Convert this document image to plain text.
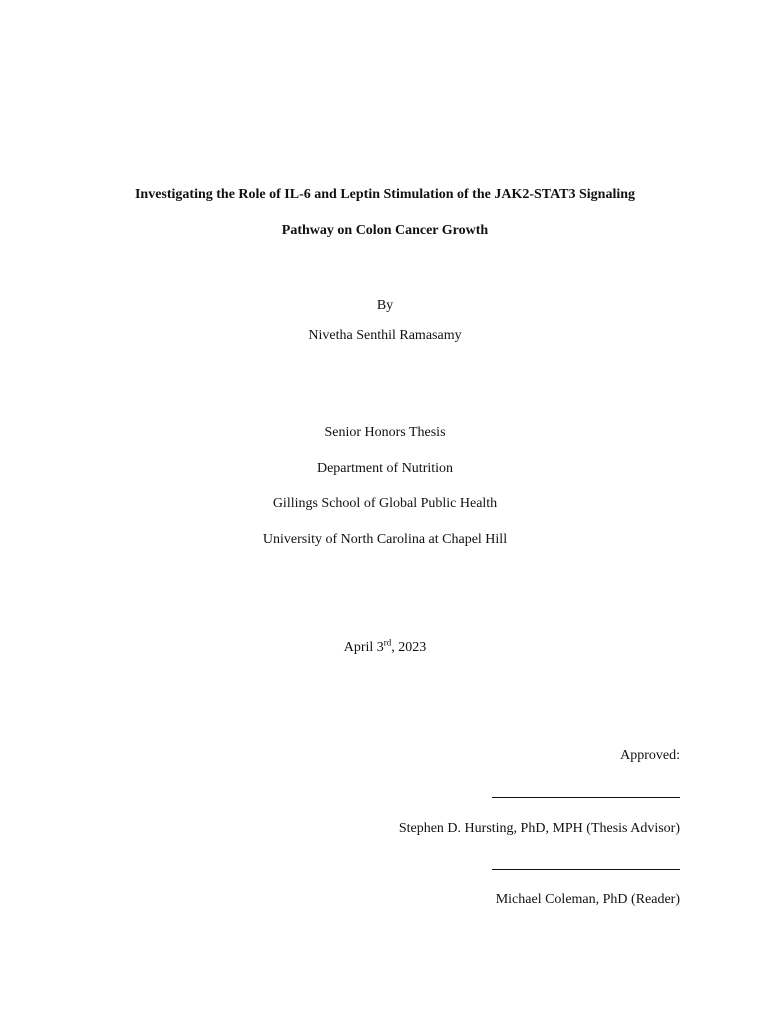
Investigating the Role of IL-6 and Leptin Stimulation of the JAK2-STAT3 Signaling
Pathway on Colon Cancer Growth
By
Nivetha Senthil Ramasamy
Senior Honors Thesis
Department of Nutrition
Gillings School of Global Public Health
University of North Carolina at Chapel Hill
April 3rd, 2023
Approved:
Stephen D. Hursting, PhD, MPH (Thesis Advisor)
Michael Coleman, PhD (Reader)
